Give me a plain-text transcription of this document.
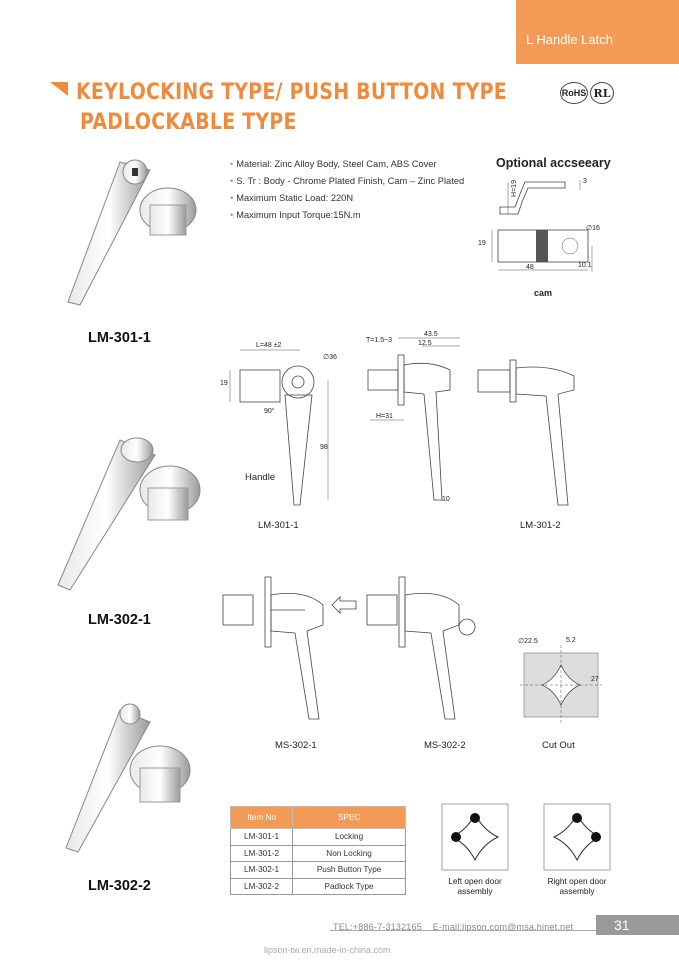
L Handle Latch
KEYLOCKING TYPE/ PUSH BUTTON TYPE
PADLOCKABLE TYPE
RoHS RL
• Material: Zinc Alloy Body, Steel Cam, ABS Cover
• S. Tr : Body - Chrome Plated Finish, Cam – Zinc Plated
• Maximum Static Load: 220N
• Maximum Input Torque:15N.m
Optional accseeary
H=19	3
19
∅16
48	10.1
cam
LM-301-1
LM-302-1
LM-302-2
L=48 ±2
∅36
19
90°
98
Handle
LM-301-1
43.5
12.5
T=1.5~3
H=31
10
LM-301-2
MS-302-1	MS-302-2
∅22.5	5.2
27
Cut Out
Item No	SPEC
LM-301-1	Locking
LM-301-2	Non Locking
LM-302-1	Push Button Type
LM-302-2	Padlock Type
Left open door
assembly
Right open door
assembly
TEL:+886-7-3132165 E-mail:lipson.com@msa.hinet.net	31
lipson-tw.en.made-in-china.com
